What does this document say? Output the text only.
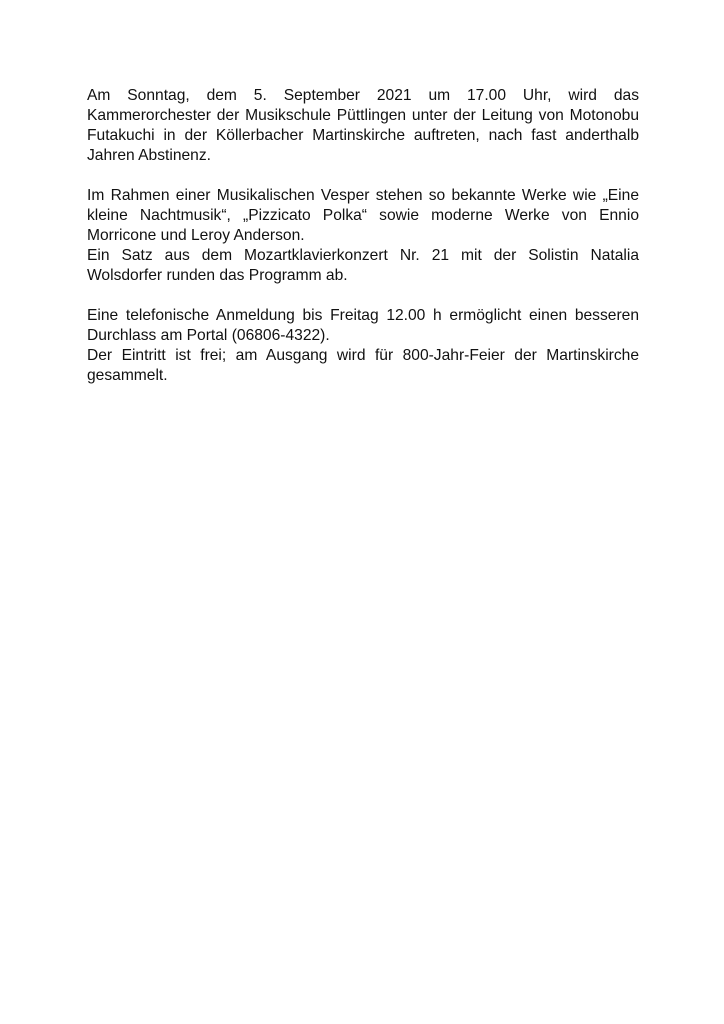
Am Sonntag, dem 5. September 2021 um 17.00 Uhr, wird das Kammerorchester der Musikschule Püttlingen unter der Leitung von Motonobu Futakuchi in der Köllerbacher Martinskirche auftreten, nach fast anderthalb Jahren Abstinenz.

Im Rahmen einer Musikalischen Vesper stehen so bekannte Werke wie „Eine kleine Nachtmusik“, „Pizzicato Polka“ sowie moderne Werke von Ennio Morricone und Leroy Anderson.

Ein Satz aus dem Mozartklavierkonzert Nr. 21 mit der Solistin Natalia Wolsdorfer runden das Programm ab.

Eine telefonische Anmeldung bis Freitag 12.00 h ermöglicht einen besseren Durchlass am Portal (06806-4322).

Der Eintritt ist frei; am Ausgang wird für 800-Jahr-Feier der Martinskirche gesammelt.
